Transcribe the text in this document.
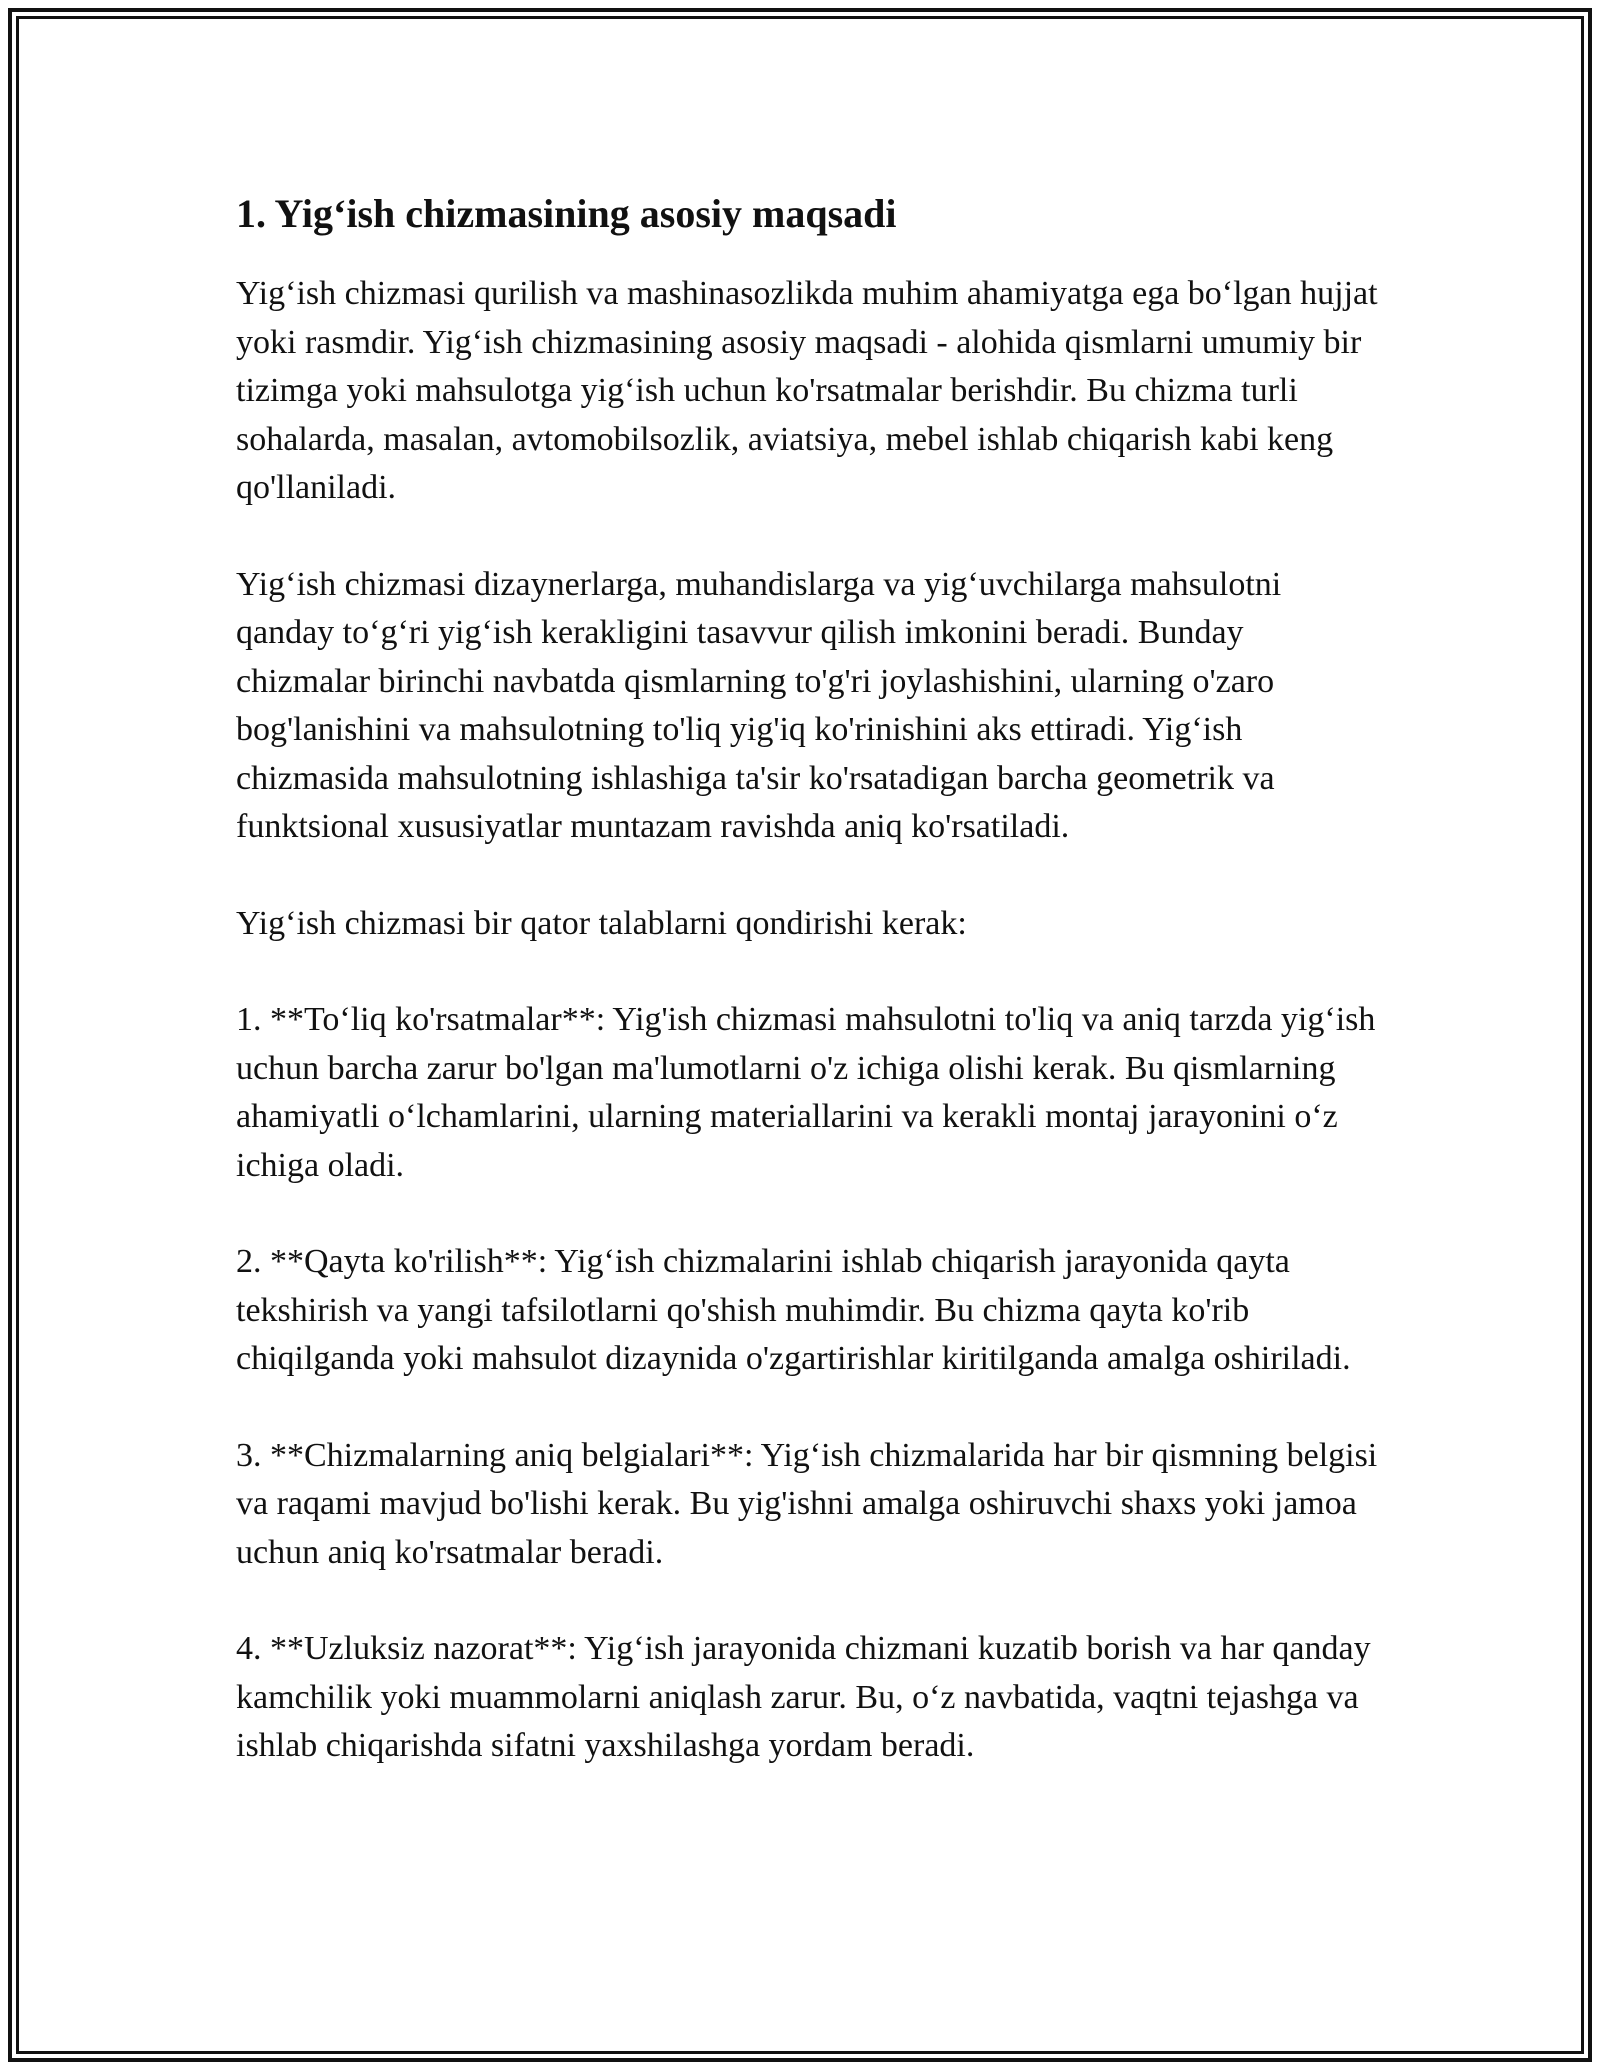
1. Yig‘ish chizmasining asosiy maqsadi

Yig‘ish chizmasi qurilish va mashinasozlikda muhim ahamiyatga ega bo‘lgan hujjat yoki rasmdir. Yig‘ish chizmasining asosiy maqsadi - alohida qismlarni umumiy bir tizimga yoki mahsulotga yig‘ish uchun ko'rsatmalar berishdir. Bu chizma turli sohalarda, masalan, avtomobilsozlik, aviatsiya, mebel ishlab chiqarish kabi keng qo'llaniladi.

Yig‘ish chizmasi dizaynerlarga, muhandislarga va yig‘uvchilarga mahsulotni qanday to‘g‘ri yig‘ish kerakligini tasavvur qilish imkonini beradi. Bunday chizmalar birinchi navbatda qismlarning to'g'ri joylashishini, ularning o'zaro bog'lanishini va mahsulotning to'liq yig'iq ko'rinishini aks ettiradi. Yig‘ish chizmasida mahsulotning ishlashiga ta'sir ko'rsatadigan barcha geometrik va funktsional xususiyatlar muntazam ravishda aniq ko'rsatiladi.

Yig‘ish chizmasi bir qator talablarni qondirishi kerak:

1. **To‘liq ko'rsatmalar**: Yig'ish chizmasi mahsulotni to'liq va aniq tarzda yig‘ish uchun barcha zarur bo'lgan ma'lumotlarni o'z ichiga olishi kerak. Bu qismlarning ahamiyatli o‘lchamlarini, ularning materiallarini va kerakli montaj jarayonini o‘z ichiga oladi.

2. **Qayta ko'rilish**: Yig‘ish chizmalarini ishlab chiqarish jarayonida qayta tekshirish va yangi tafsilotlarni qo'shish muhimdir. Bu chizma qayta ko'rib chiqilganda yoki mahsulot dizaynida o'zgartirishlar kiritilganda amalga oshiriladi.

3. **Chizmalarning aniq belgialari**: Yig‘ish chizmalarida har bir qismning belgisi va raqami mavjud bo'lishi kerak. Bu yig'ishni amalga oshiruvchi shaxs yoki jamoa uchun aniq ko'rsatmalar beradi.

4. **Uzluksiz nazorat**: Yig‘ish jarayonida chizmani kuzatib borish va har qanday kamchilik yoki muammolarni aniqlash zarur. Bu, o‘z navbatida, vaqtni tejashga va ishlab chiqarishda sifatni yaxshilashga yordam beradi.
